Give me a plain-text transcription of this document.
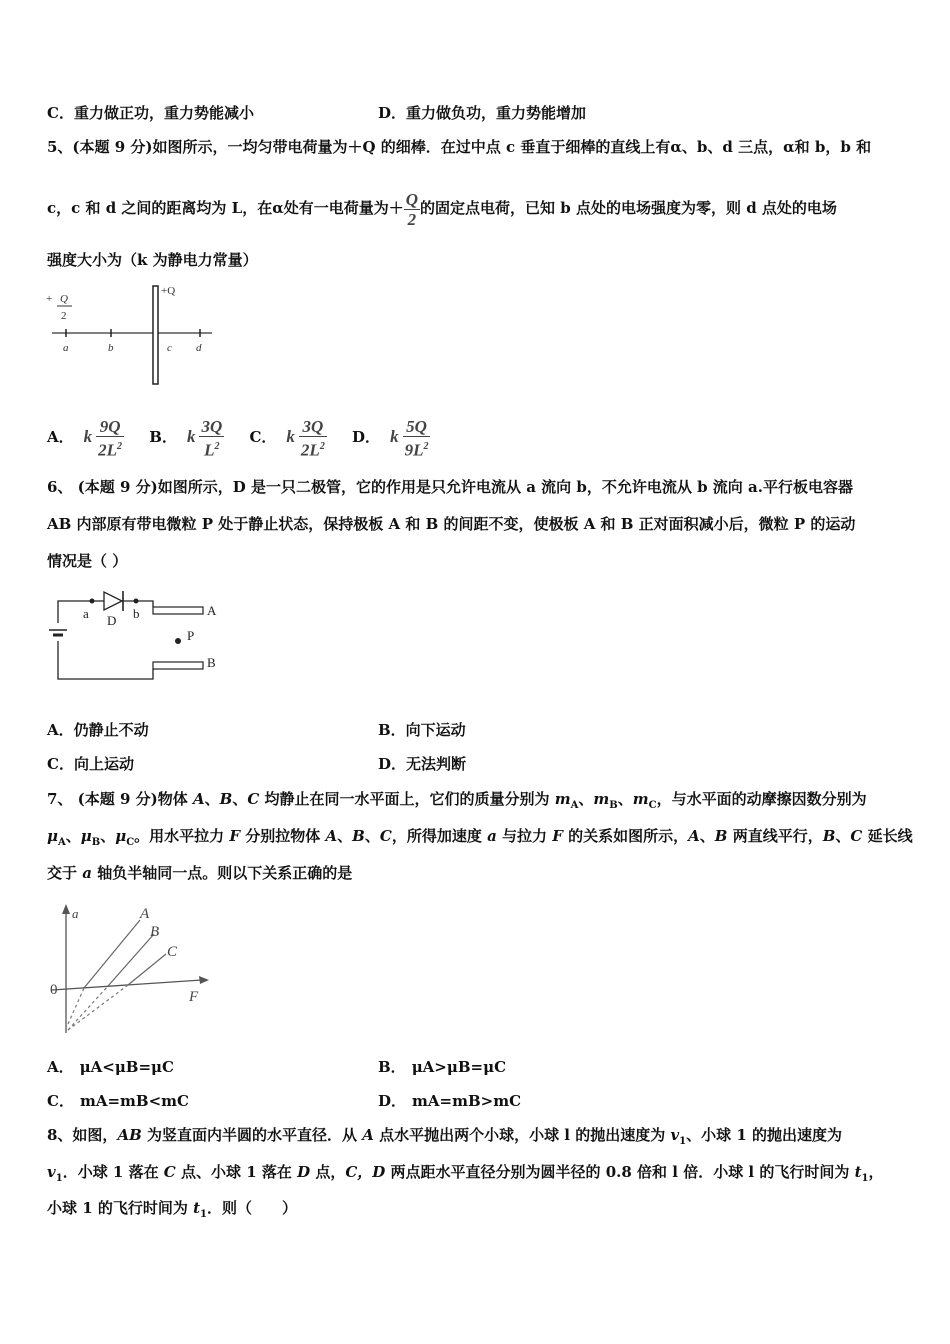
C．重力做正功，重力势能减小	D．重力做负功，重力势能增加
5、(本题 9 分)如图所示，一均匀带电荷量为＋Q 的细棒．在过中点 c 垂直于细棒的直线上有α、b、d 三点，α和 b，b 和
c，c 和 d 之间的距离均为 L，在α处有一电荷量为＋ $\frac{Q}{2}$ 的固定点电荷，已知 b 点处的电场强度为零，则 d 点处的电场
强度大小为（k 为静电力常量）
+ Q
2
+Q
a	b	c d
A． k $\frac{9Q}{2L^2}$ B． k $\frac{3Q}{L^2}$ C． k $\frac{3Q}{2L^2}$ D． k $\frac{5Q}{9L^2}$
6、 (本题 9 分)如图所示，D 是一只二极管，它的作用是只允许电流从 a 流向 b，不允许电流从 b 流向 a.平行板电容器
AB 内部原有带电微粒 P 处于静止状态，保持极板 A 和 B 的间距不变，使极板 A 和 B 正对面积减小后，微粒 P 的运动
情况是（ ）
a	b
D
A
B
P
A．仍静止不动	B．向下运动
C．向上运动	D．无法判断
7、 (本题 9 分)物体 A、B、C 均静止在同一水平面上，它们的质量分别为 $m_A$、$m_B$、$m_C$，与水平面的动摩擦因数分别为
$\mu_A$、$\mu_B$、$\mu_C$。用水平拉力 F 分别拉物体 A、B、C，所得加速度 a 与拉力 F 的关系如图所示，A、B 两直线平行，B、C 延长线
交于 a 轴负半轴同一点。则以下关系正确的是
a
F
0
A
B
C
A． μA<μB=μC	B． μA>μB=μC
C． mA=mB<mC	D． mA=mB>mC
8、如图，AB 为竖直面内半圆的水平直径．从 A 点水平抛出两个小球，小球 l 的抛出速度为 $v_1$、小球 1 的抛出速度为
$v_1$．小球 1 落在 C 点、小球 1 落在 D 点，C，D 两点距水平直径分别为圆半径的 0.8 倍和 l 倍．小球 l 的飞行时间为 $t_1$，
小球 1 的飞行时间为 $t_1$．则（　　）
